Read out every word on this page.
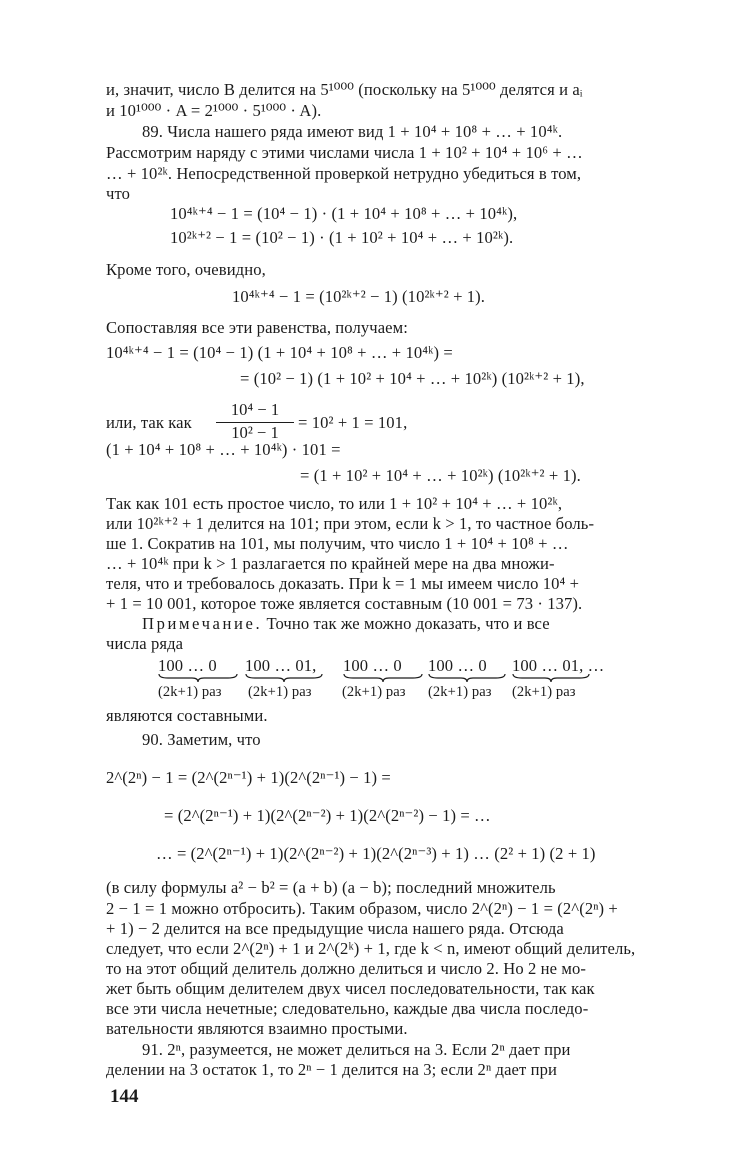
и, значит, число B делится на 5¹⁰⁰⁰ (поскольку на 5¹⁰⁰⁰ делятся и aᵢ
и 10¹⁰⁰⁰ · A = 2¹⁰⁰⁰ · 5¹⁰⁰⁰ · A).
89. Числа нашего ряда имеют вид 1 + 10⁴ + 10⁸ + … + 10⁴ᵏ.
Рассмотрим наряду с этими числами числа 1 + 10² + 10⁴ + 10⁶ + …
… + 10²ᵏ. Непосредственной проверкой нетрудно убедиться в том,
что
10⁴ᵏ⁺⁴ − 1 = (10⁴ − 1) · (1 + 10⁴ + 10⁸ + … + 10⁴ᵏ),
10²ᵏ⁺² − 1 = (10² − 1) · (1 + 10² + 10⁴ + … + 10²ᵏ).
Кроме того, очевидно,
10⁴ᵏ⁺⁴ − 1 = (10²ᵏ⁺² − 1) (10²ᵏ⁺² + 1).
Сопоставляя все эти равенства, получаем:
10⁴ᵏ⁺⁴ − 1 = (10⁴ − 1) (1 + 10⁴ + 10⁸ + … + 10⁴ᵏ) =
= (10² − 1) (1 + 10² + 10⁴ + … + 10²ᵏ) (10²ᵏ⁺² + 1),
или, так как
10⁴ − 1
10² − 1
= 10² + 1 = 101,
(1 + 10⁴ + 10⁸ + … + 10⁴ᵏ) · 101 =
= (1 + 10² + 10⁴ + … + 10²ᵏ) (10²ᵏ⁺² + 1).
Так как 101 есть простое число, то или 1 + 10² + 10⁴ + … + 10²ᵏ,
или 10²ᵏ⁺² + 1 делится на 101; при этом, если k > 1, то частное боль-
ше 1. Сократив на 101, мы получим, что число 1 + 10⁴ + 10⁸ + …
… + 10⁴ᵏ при k > 1 разлагается по крайней мере на два множи-
теля, что и требовалось доказать. При k = 1 мы имеем число 10⁴ +
+ 1 = 10 001, которое тоже является составным (10 001 = 73 · 137).
Примечание. Точно так же можно доказать, что и все
числа ряда
100 … 0 100 … 01, 100 … 0 100 … 0 100 … 01, …
(2k+1) раз (2k+1) раз (2k+1) раз (2k+1) раз (2k+1) раз
являются составными.
90. Заметим, что
2^(2ⁿ) − 1 = (2^(2ⁿ⁻¹) + 1)(2^(2ⁿ⁻¹) − 1) =
= (2^(2ⁿ⁻¹) + 1)(2^(2ⁿ⁻²) + 1)(2^(2ⁿ⁻²) − 1) = …
… = (2^(2ⁿ⁻¹) + 1)(2^(2ⁿ⁻²) + 1)(2^(2ⁿ⁻³) + 1) … (2² + 1) (2 + 1)
(в силу формулы a² − b² = (a + b) (a − b); последний множитель
2 − 1 = 1 можно отбросить). Таким образом, число 2^(2ⁿ) − 1 = (2^(2ⁿ) +
+ 1) − 2 делится на все предыдущие числа нашего ряда. Отсюда
следует, что если 2^(2ⁿ) + 1 и 2^(2ᵏ) + 1, где k < n, имеют общий делитель,
то на этот общий делитель должно делиться и число 2. Но 2 не мо-
жет быть общим делителем двух чисел последовательности, так как
все эти числа нечетные; следовательно, каждые два числа последо-
вательности являются взаимно простыми.
91. 2ⁿ, разумеется, не может делиться на 3. Если 2ⁿ дает при
делении на 3 остаток 1, то 2ⁿ − 1 делится на 3; если 2ⁿ дает при
144
